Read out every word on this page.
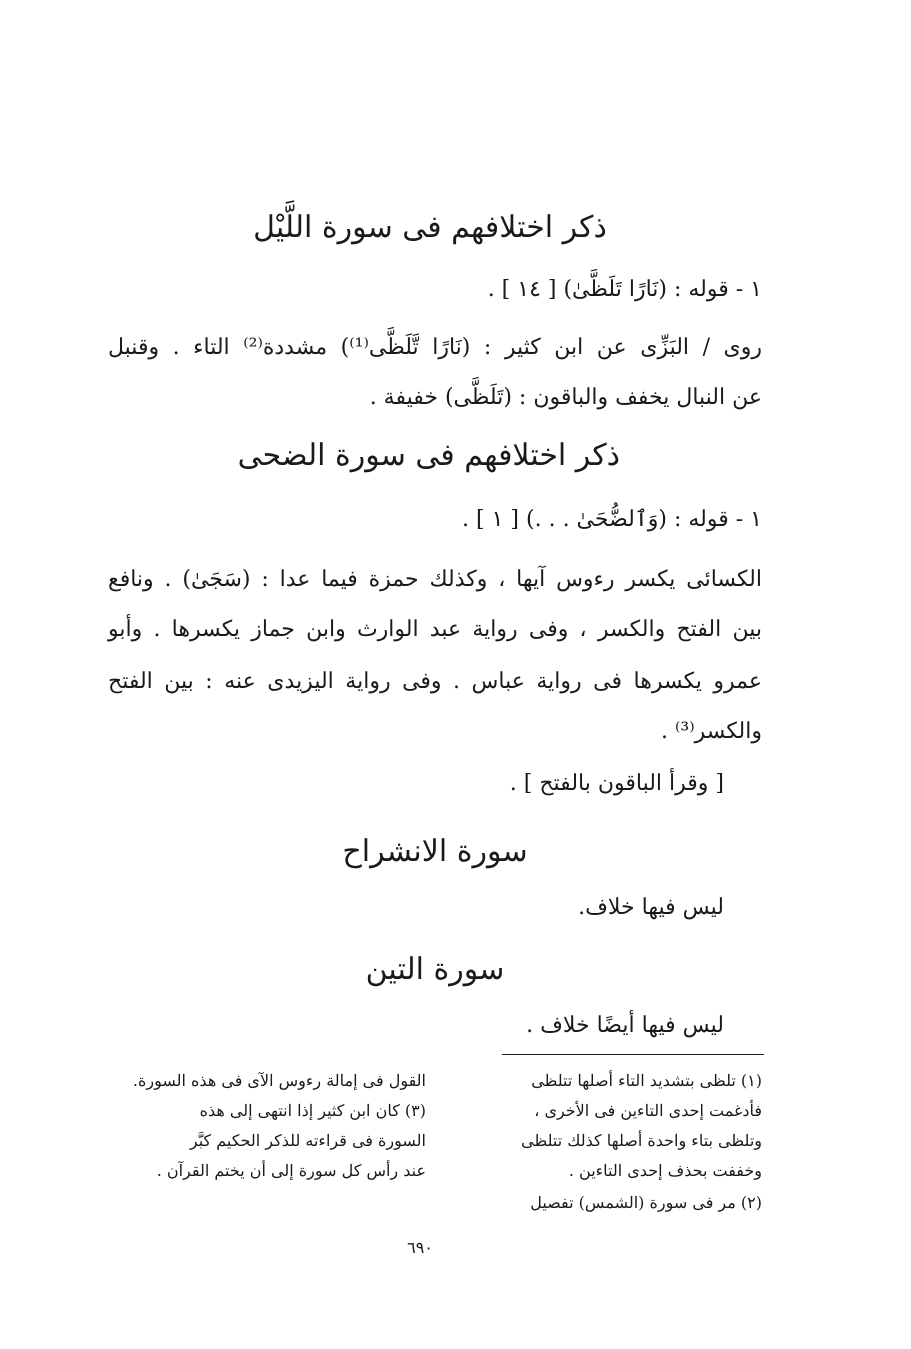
ذكر اختلافهم فى سورة اللَّيْل
١ - قوله : (نَارًا تَلَظَّىٰ) [ ١٤ ] .
روى / البَزِّى عن ابن كثير : (نَارًا تَّلَظَّى⁽¹⁾) مشددة⁽²⁾ التاء . وقنبل
عن النبال يخفف والباقون : (تَلَظَّى) خفيفة .
ذكر اختلافهم فى سورة الضحى
١ - قوله : (وَٱلضُّحَىٰ . . .) [ ١ ] .
الكسائى يكسر رءوس آيها ، وكذلك حمزة فيما عدا : (سَجَىٰ) . ونافع
بين الفتح والكسر ، وفى رواية عبد الوارث وابن جماز يكسرها . وأبو
عمرو يكسرها فى رواية عباس . وفى رواية اليزيدى عنه : بين الفتح
والكسر⁽³⁾ .
[ وقرأ الباقون بالفتح ] .
سورة الانشراح
ليس فيها خلاف.
سورة التين
ليس فيها أيضًا خلاف .
(١) تلظى بتشديد التاء أصلها تتلظى
فأدغمت إحدى التاءين فى الأخرى ،
وتلظى بتاء واحدة أصلها كذلك تتلظى
وخففت بحذف إحدى التاءين .
(٢) مر فى سورة (الشمس) تفصيل
القول فى إمالة رءوس الآى فى هذه السورة.
(٣) كان ابن كثير إذا انتهى إلى هذه
السورة فى قراءته للذكر الحكيم كبَّر
عند رأس كل سورة إلى أن يختم القرآن .
٦٩٠
